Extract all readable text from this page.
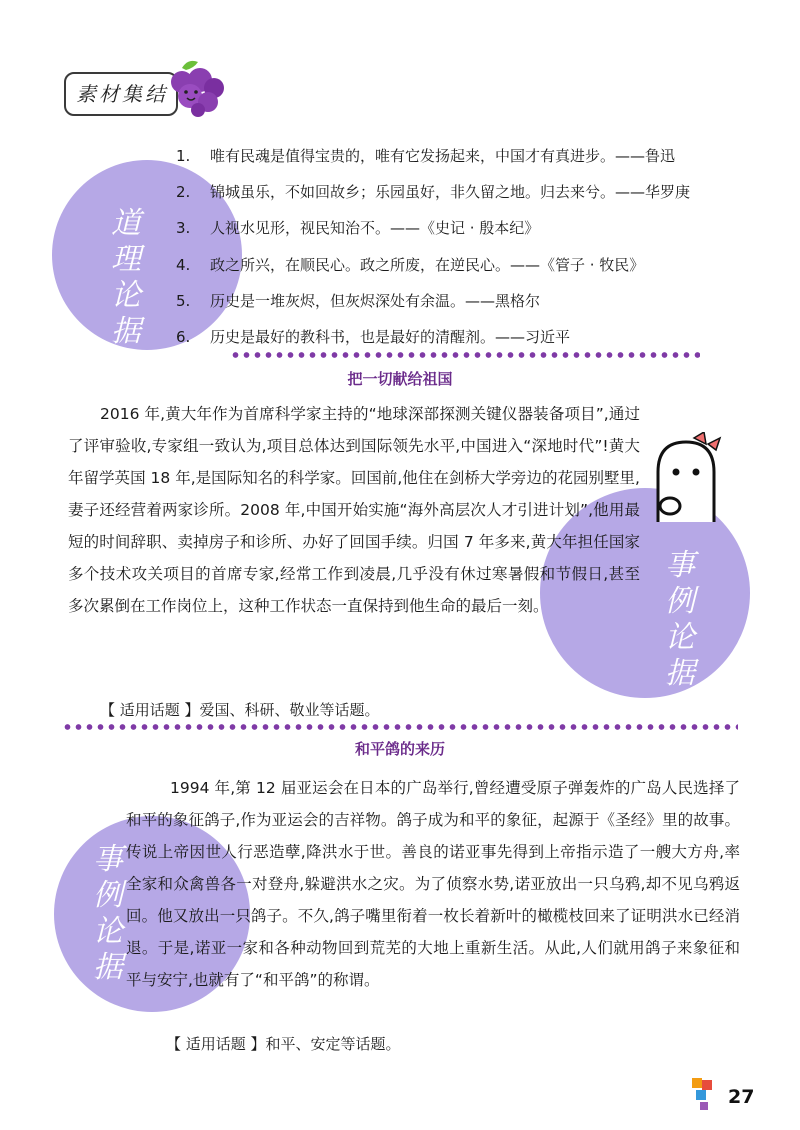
素材集结
道
理
论
据
1. 唯有民魂是值得宝贵的，唯有它发扬起来，中国才有真进步。——鲁迅
2. 锦城虽乐，不如回故乡；乐园虽好，非久留之地。归去来兮。——华罗庚
3. 人视水见形，视民知治不。——《史记 · 殷本纪》
4. 政之所兴，在顺民心。政之所废，在逆民心。——《管子 · 牧民》
5. 历史是一堆灰烬，但灰烬深处有余温。——黑格尔
6. 历史是最好的教科书，也是最好的清醒剂。——习近平
把一切献给祖国
事
例
论
据

2016 年,黄大年作为首席科学家主持的“地球深部探测关键仪器装备项目”,通过了评审验收,专家组一致认为,项目总体达到国际领先水平,中国进入“深地时代”!黄大年留学英国 18 年,是国际知名的科学家。回国前,他住在剑桥大学旁边的花园别墅里,妻子还经营着两家诊所。2008 年,中国开始实施“海外高层次人才引进计划”,他用最短的时间辞职、卖掉房子和诊所、办好了回国手续。归国 7 年多来,黄大年担任国家多个技术攻关项目的首席专家,经常工作到凌晨,几乎没有休过寒暑假和节假日,甚至多次累倒在工作岗位上，这种工作状态一直保持到他生命的最后一刻。

【 适用话题 】爱国、科研、敬业等话题。
和平鸽的来历
事
例
论
据

1994 年,第 12 届亚运会在日本的广岛举行,曾经遭受原子弹轰炸的广岛人民选择了和平的象征鸽子,作为亚运会的吉祥物。鸽子成为和平的象征，起源于《圣经》里的故事。传说上帝因世人行恶造孽,降洪水于世。善良的诺亚事先得到上帝指示造了一艘大方舟,率全家和众禽兽各一对登舟,躲避洪水之灾。为了侦察水势,诺亚放出一只乌鸦,却不见乌鸦返回。他又放出一只鸽子。不久,鸽子嘴里衔着一枚长着新叶的橄榄枝回来了证明洪水已经消退。于是,诺亚一家和各种动物回到荒芜的大地上重新生活。从此,人们就用鸽子来象征和平与安宁,也就有了“和平鸽”的称谓。

【 适用话题 】和平、安定等话题。
27
